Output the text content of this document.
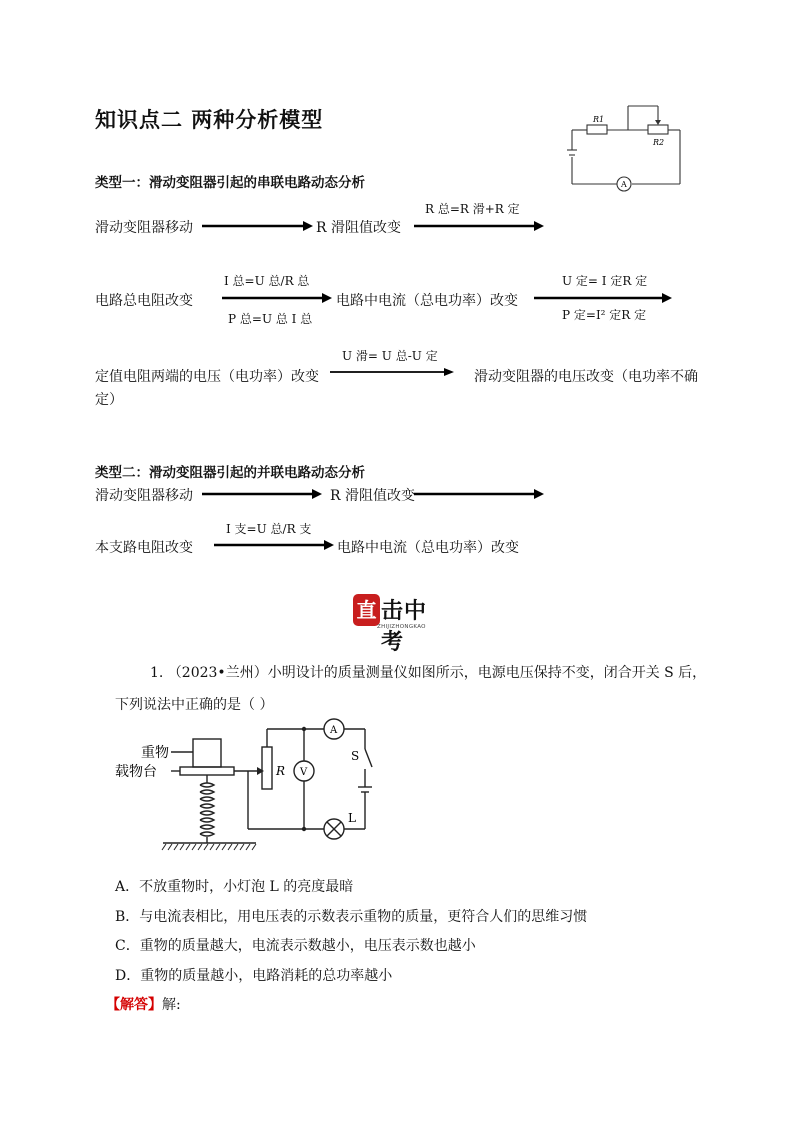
知识点二 两种分析模型	R1
R2
A
类型一：滑动变阻器引起的串联电路动态分析
滑动变阻器移动	R 滑阻值改变
R 总=R 滑+R 定
电路总电阻改变
I 总=U 总/R 总
P 总=U 总 I 总
电路中电流（总电功率）改变
U 定= I 定R 定
P 定=I² 定R 定
U 滑= U 总-U 定
定值电阻两端的电压（电功率）改变	滑动变阻器的电压改变（电功率不确
定）
类型二：滑动变阻器引起的并联电路动态分析
滑动变阻器移动	R 滑阻值改变
I 支=U 总/R 支
本支路电阻改变	电路中电流（总电功率）改变
直 击中考
ZHIJIZHONGKAO
1. （2023•兰州）小明设计的质量测量仪如图所示，电源电压保持不变，闭合开关 S 后，
下列说法中正确的是（ ）
重物
载物台	R V
A
S
L
A．不放重物时，小灯泡 L 的亮度最暗
B．与电流表相比，用电压表的示数表示重物的质量，更符合人们的思维习惯
C．重物的质量越大，电流表示数越小，电压表示数也越小
D．重物的质量越小，电路消耗的总功率越小
【解答】解:
